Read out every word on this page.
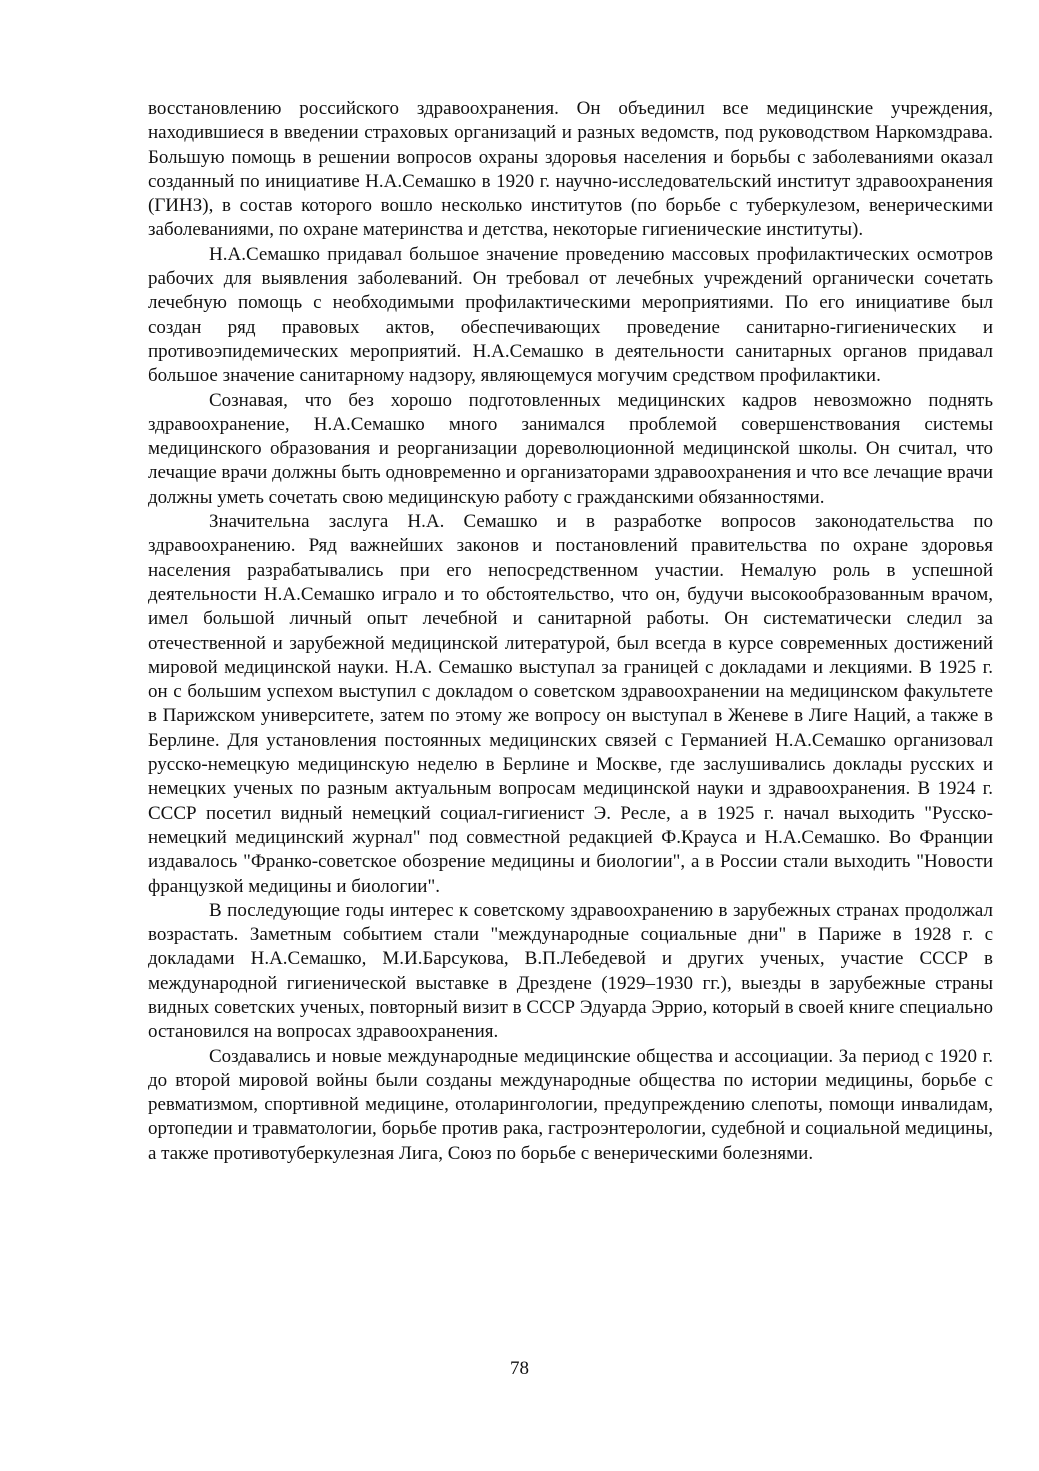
восстановлению российского здравоохранения. Он объединил все медицинские учреждения, находившиеся в введении страховых организаций и разных ведомств, под руководством Наркомздрава. Большую помощь в решении вопросов охраны здоровья населения и борьбы с заболеваниями оказал созданный по инициативе Н.А.Семашко в 1920 г. научно-исследовательский институт здравоохранения (ГИНЗ), в состав которого вошло несколько институтов (по борьбе с туберкулезом, венерическими заболеваниями, по охране материнства и детства, некоторые гигиенические институты).

Н.А.Семашко придавал большое значение проведению массовых профилактических осмотров рабочих для выявления заболеваний. Он требовал от лечебных учреждений органически сочетать лечебную помощь с необходимыми профилактическими мероприятиями. По его инициативе был создан ряд правовых актов, обеспечивающих проведение санитарно-гигиенических и противоэпидемических мероприятий. Н.А.Семашко в деятельности санитарных органов придавал большое значение санитарному надзору, являющемуся могучим средством профилактики.

Сознавая, что без хорошо подготовленных медицинских кадров невозможно поднять здравоохранение, Н.А.Семашко много занимался проблемой совершенствования системы медицинского образования и реорганизации дореволюционной медицинской школы. Он считал, что лечащие врачи должны быть одновременно и организаторами здравоохранения и что все лечащие врачи должны уметь сочетать свою медицинскую работу с гражданскими обязанностями.

Значительна заслуга Н.А. Семашко и в разработке вопросов законодательства по здравоохранению. Ряд важнейших законов и постановлений правительства по охране здоровья населения разрабатывались при его непосредственном участии. Немалую роль в успешной деятельности Н.А.Семашко играло и то обстоятельство, что он, будучи высокообразованным врачом, имел большой личный опыт лечебной и санитарной работы. Он систематически следил за отечественной и зарубежной медицинской литературой, был всегда в курсе современных достижений мировой медицинской науки. Н.А. Семашко выступал за границей с докладами и лекциями. В 1925 г. он с большим успехом выступил с докладом о советском здравоохранении на медицинском факультете в Парижском университете, затем по этому же вопросу он выступал в Женеве в Лиге Наций, а также в Берлине. Для установления постоянных медицинских связей с Германией Н.А.Семашко организовал русско-немецкую медицинскую неделю в Берлине и Москве, где заслушивались доклады русских и немецких ученых по разным актуальным вопросам медицинской науки и здравоохранения. В 1924 г. СССР посетил видный немецкий социал-гигиенист Э. Ресле, а в 1925 г. начал выходить "Русско-немецкий медицинский журнал" под совместной редакцией Ф.Крауса и Н.А.Семашко. Во Франции издавалось "Франко-советское обозрение медицины и биологии", а в России стали выходить "Новости французкой медицины и биологии".

В последующие годы интерес к советскому здравоохранению в зарубежных странах продолжал возрастать. Заметным событием стали "международные социальные дни" в Париже в 1928 г. с докладами Н.А.Семашко, М.И.Барсукова, В.П.Лебедевой и других ученых, участие СССР в международной гигиенической выставке в Дрездене (1929–1930 гг.), выезды в зарубежные страны видных советских ученых, повторный визит в СССР Эдуарда Эррио, который в своей книге специально остановился на вопросах здравоохранения.

Создавались и новые международные медицинские общества и ассоциации. За период с 1920 г. до второй мировой войны были созданы международные общества по истории медицины, борьбе с ревматизмом, спортивной медицине, отоларингологии, предупреждению слепоты, помощи инвалидам, ортопедии и травматологии, борьбе против рака, гастроэнтерологии, судебной и социальной медицины, а также противотуберкулезная Лига, Союз по борьбе с венерическими болезнями.

78
